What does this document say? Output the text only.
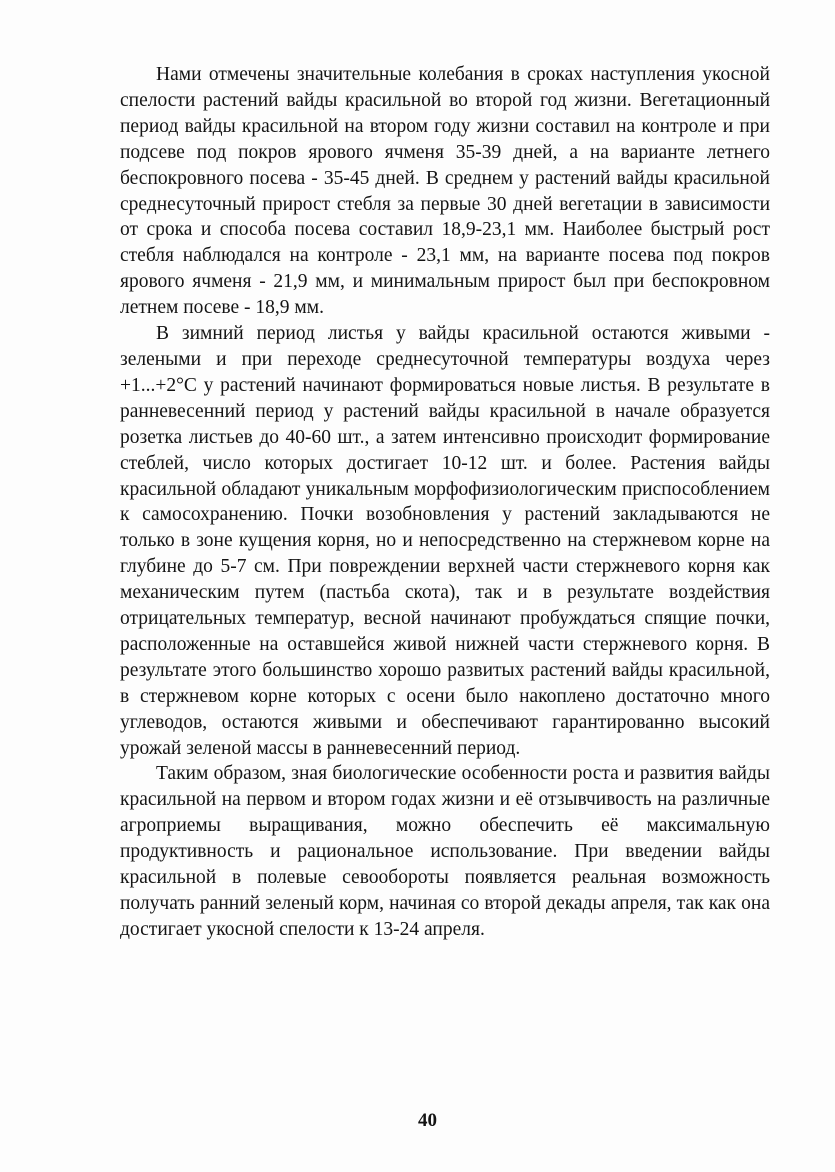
Нами отмечены значительные колебания в сроках наступления укосной спелости растений вайды красильной во второй год жизни. Вегетационный период вайды красильной на втором году жизни составил на контроле и при подсеве под покров ярового ячменя 35-39 дней, а на варианте летнего беспокровного посева - 35-45 дней. В среднем у растений вайды красильной среднесуточный прирост стебля за первые 30 дней вегетации в зависимости от срока и способа посева составил 18,9-23,1 мм. Наиболее быстрый рост стебля наблюдался на контроле - 23,1 мм, на варианте посева под покров ярового ячменя - 21,9 мм, и минимальным прирост был при беспокровном летнем посеве - 18,9 мм.

В зимний период листья у вайды красильной остаются живыми - зелеными и при переходе среднесуточной температуры воздуха через +1...+2°С у растений начинают формироваться новые листья. В результате в ранневесенний период у растений вайды красильной в начале образуется розетка листьев до 40-60 шт., а затем интенсивно происходит формирование стеблей, число которых достигает 10-12 шт. и более. Растения вайды красильной обладают уникальным морфофизиологическим приспособлением к самосохранению. Почки возобновления у растений закладываются не только в зоне кущения корня, но и непосредственно на стержневом корне на глубине до 5-7 см. При повреждении верхней части стержневого корня как механическим путем (пастьба скота), так и в результате воздействия отрицательных температур, весной начинают пробуждаться спящие почки, расположенные на оставшейся живой нижней части стержневого корня. В результате этого большинство хорошо развитых растений вайды красильной, в стержневом корне которых с осени было накоплено достаточно много углеводов, остаются живыми и обеспечивают гарантированно высокий урожай зеленой массы в ранневесенний период.

Таким образом, зная биологические особенности роста и развития вайды красильной на первом и втором годах жизни и её отзывчивость на различные агроприемы выращивания, можно обеспечить её максимальную продуктивность и рациональное использование. При введении вайды красильной в полевые севообороты появляется реальная возможность получать ранний зеленый корм, начиная со второй декады апреля, так как она достигает укосной спелости к 13-24 апреля.

40
